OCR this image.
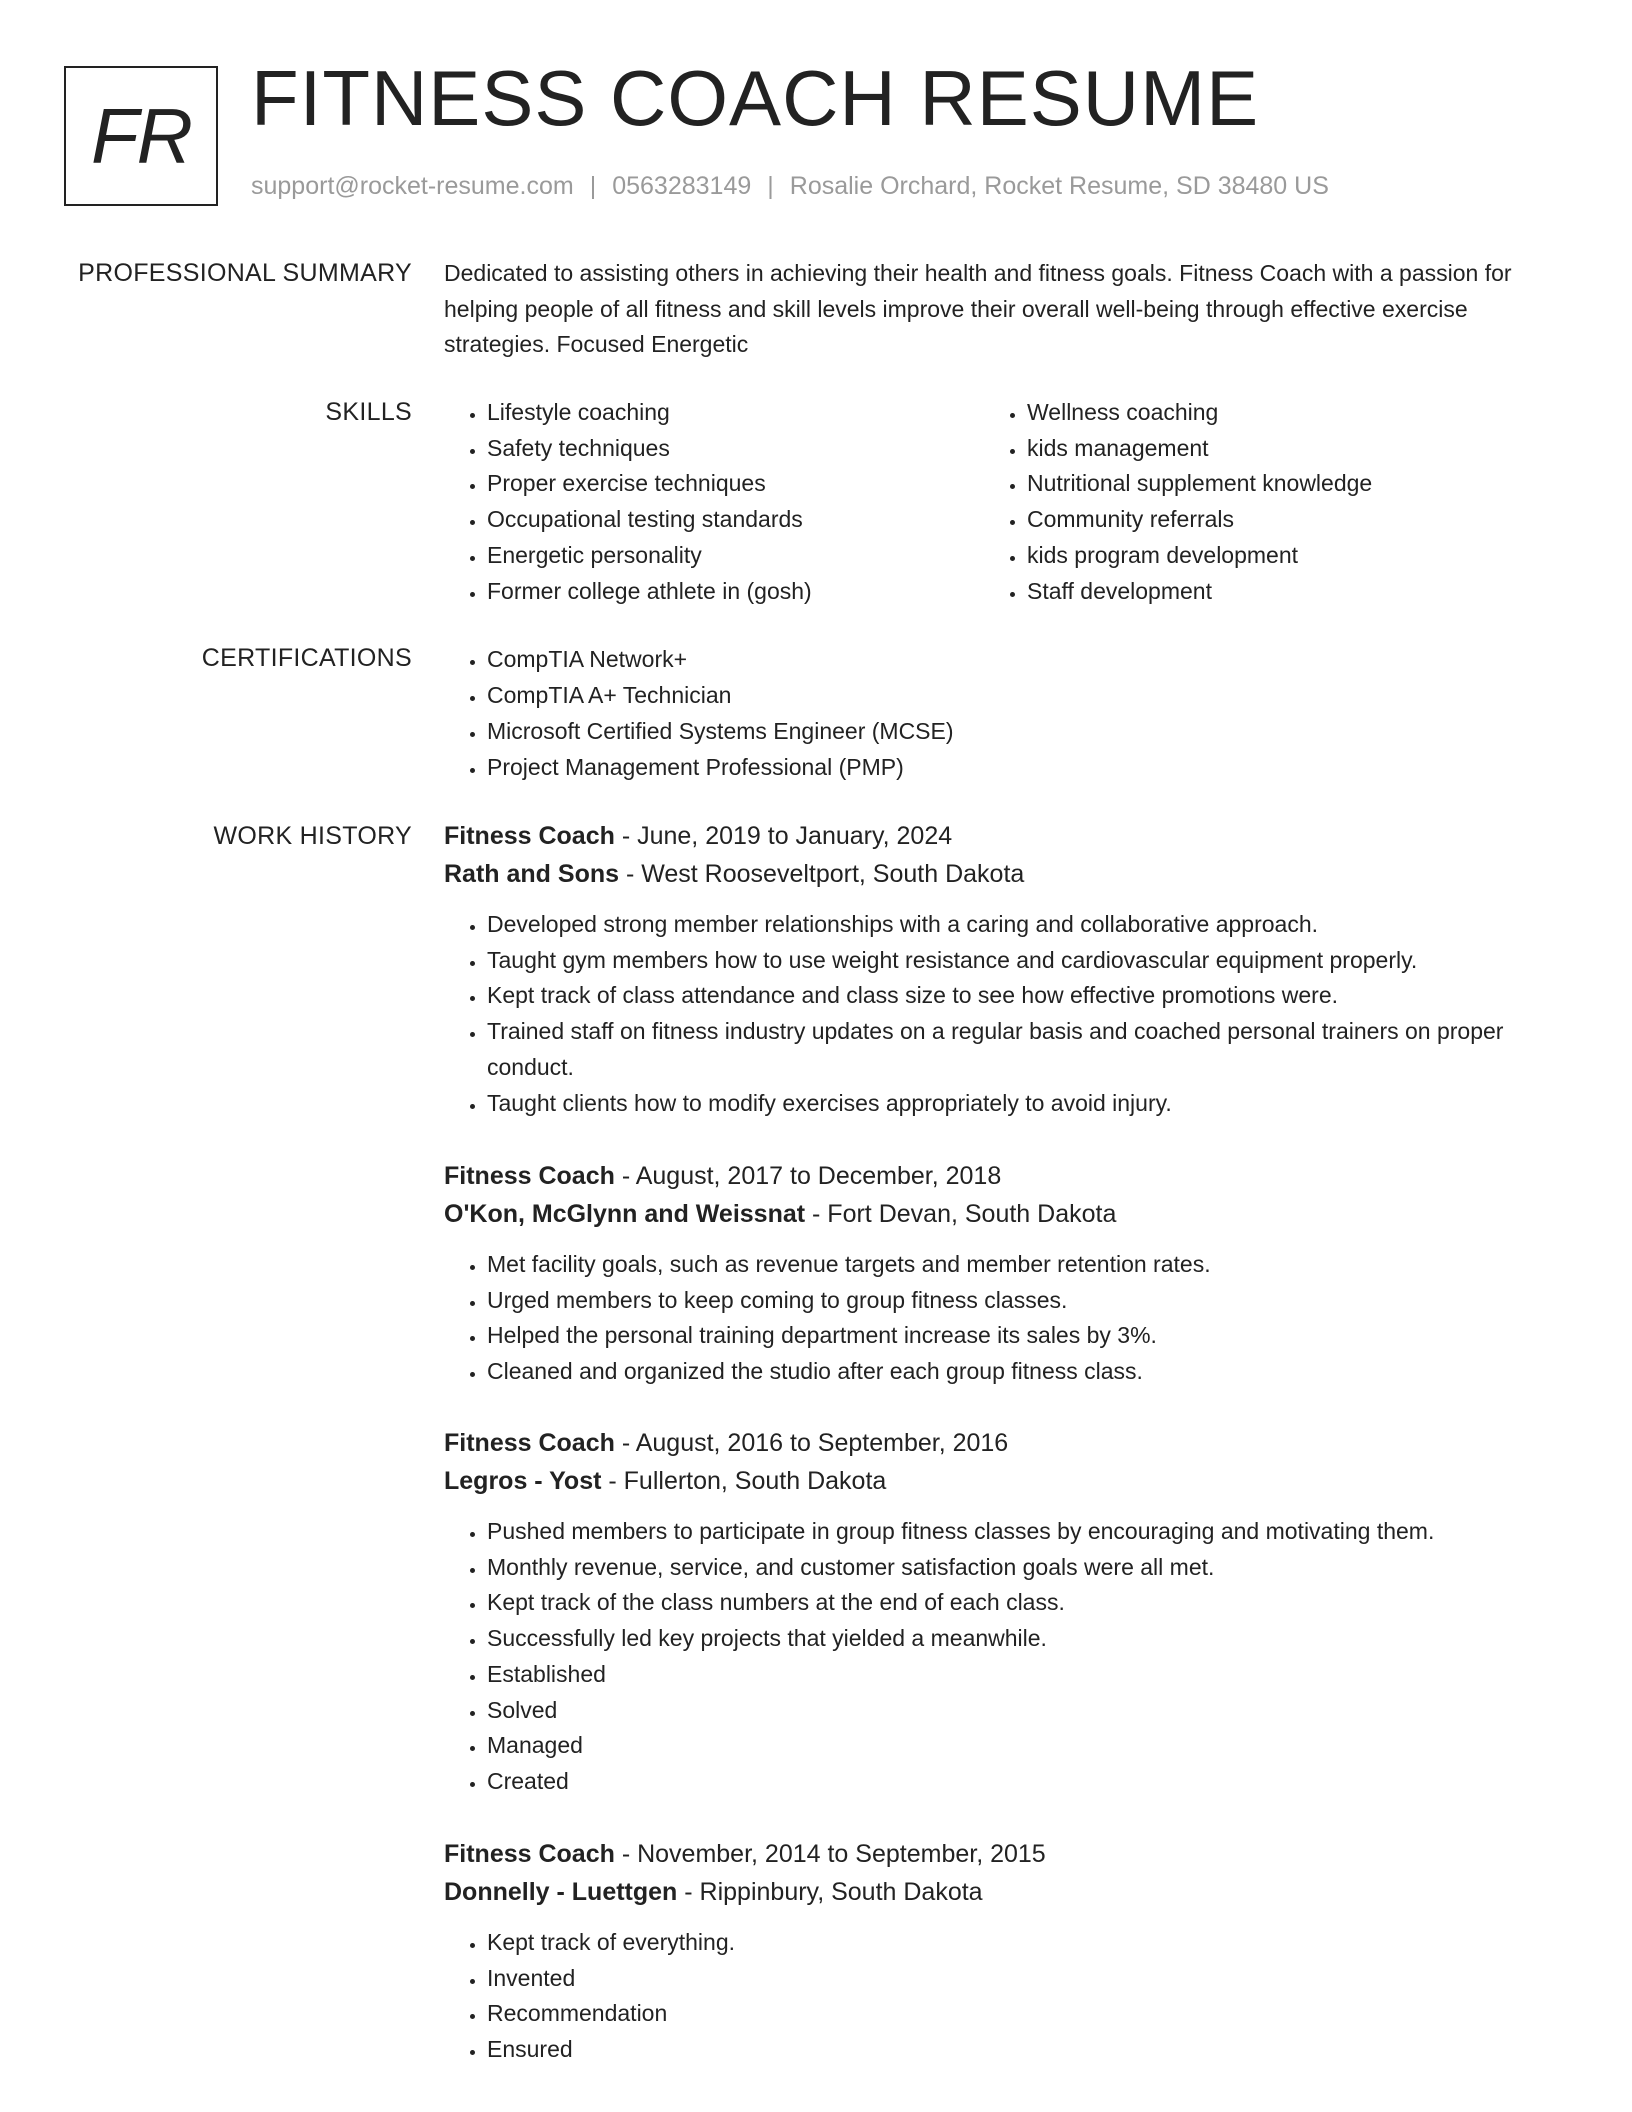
FR FITNESS COACH RESUME
support@rocket-resume.com | 0563283149 | Rosalie Orchard, Rocket Resume, SD 38480 US
PROFESSIONAL SUMMARY Dedicated to assisting others in achieving their health and fitness goals. Fitness Coach with a passion for helping people of all fitness and skill levels improve their overall well-being through effective exercise strategies. Focused Energetic

SKILLS	• Lifestyle coaching
• Safety techniques
• Proper exercise techniques
• Occupational testing standards
• Energetic personality
• Former college athlete in (gosh)
• Wellness coaching
• kids management
• Nutritional supplement knowledge
• Community referrals
• kids program development
• Staff development
CERTIFICATIONS	• CompTIA Network+
• CompTIA A+ Technician
• Microsoft Certified Systems Engineer (MCSE)
• Project Management Professional (PMP)
WORK HISTORY Fitness Coach - June, 2019 to January, 2024
Rath and Sons - West Rooseveltport, South Dakota
• Developed strong member relationships with a caring and collaborative approach.
• Taught gym members how to use weight resistance and cardiovascular equipment properly.
• Kept track of class attendance and class size to see how effective promotions were.
• Trained staff on fitness industry updates on a regular basis and coached personal trainers on proper conduct.
• Taught clients how to modify exercises appropriately to avoid injury.
Fitness Coach - August, 2017 to December, 2018
O'Kon, McGlynn and Weissnat - Fort Devan, South Dakota
• Met facility goals, such as revenue targets and member retention rates.
• Urged members to keep coming to group fitness classes.
• Helped the personal training department increase its sales by 3%.
• Cleaned and organized the studio after each group fitness class.
Fitness Coach - August, 2016 to September, 2016
Legros - Yost - Fullerton, South Dakota
• Pushed members to participate in group fitness classes by encouraging and motivating them.
• Monthly revenue, service, and customer satisfaction goals were all met.
• Kept track of the class numbers at the end of each class.
• Successfully led key projects that yielded a meanwhile.
• Established
• Solved
• Managed
• Created
Fitness Coach - November, 2014 to September, 2015
Donnelly - Luettgen - Rippinbury, South Dakota
• Kept track of everything.
• Invented
• Recommendation
• Ensured
